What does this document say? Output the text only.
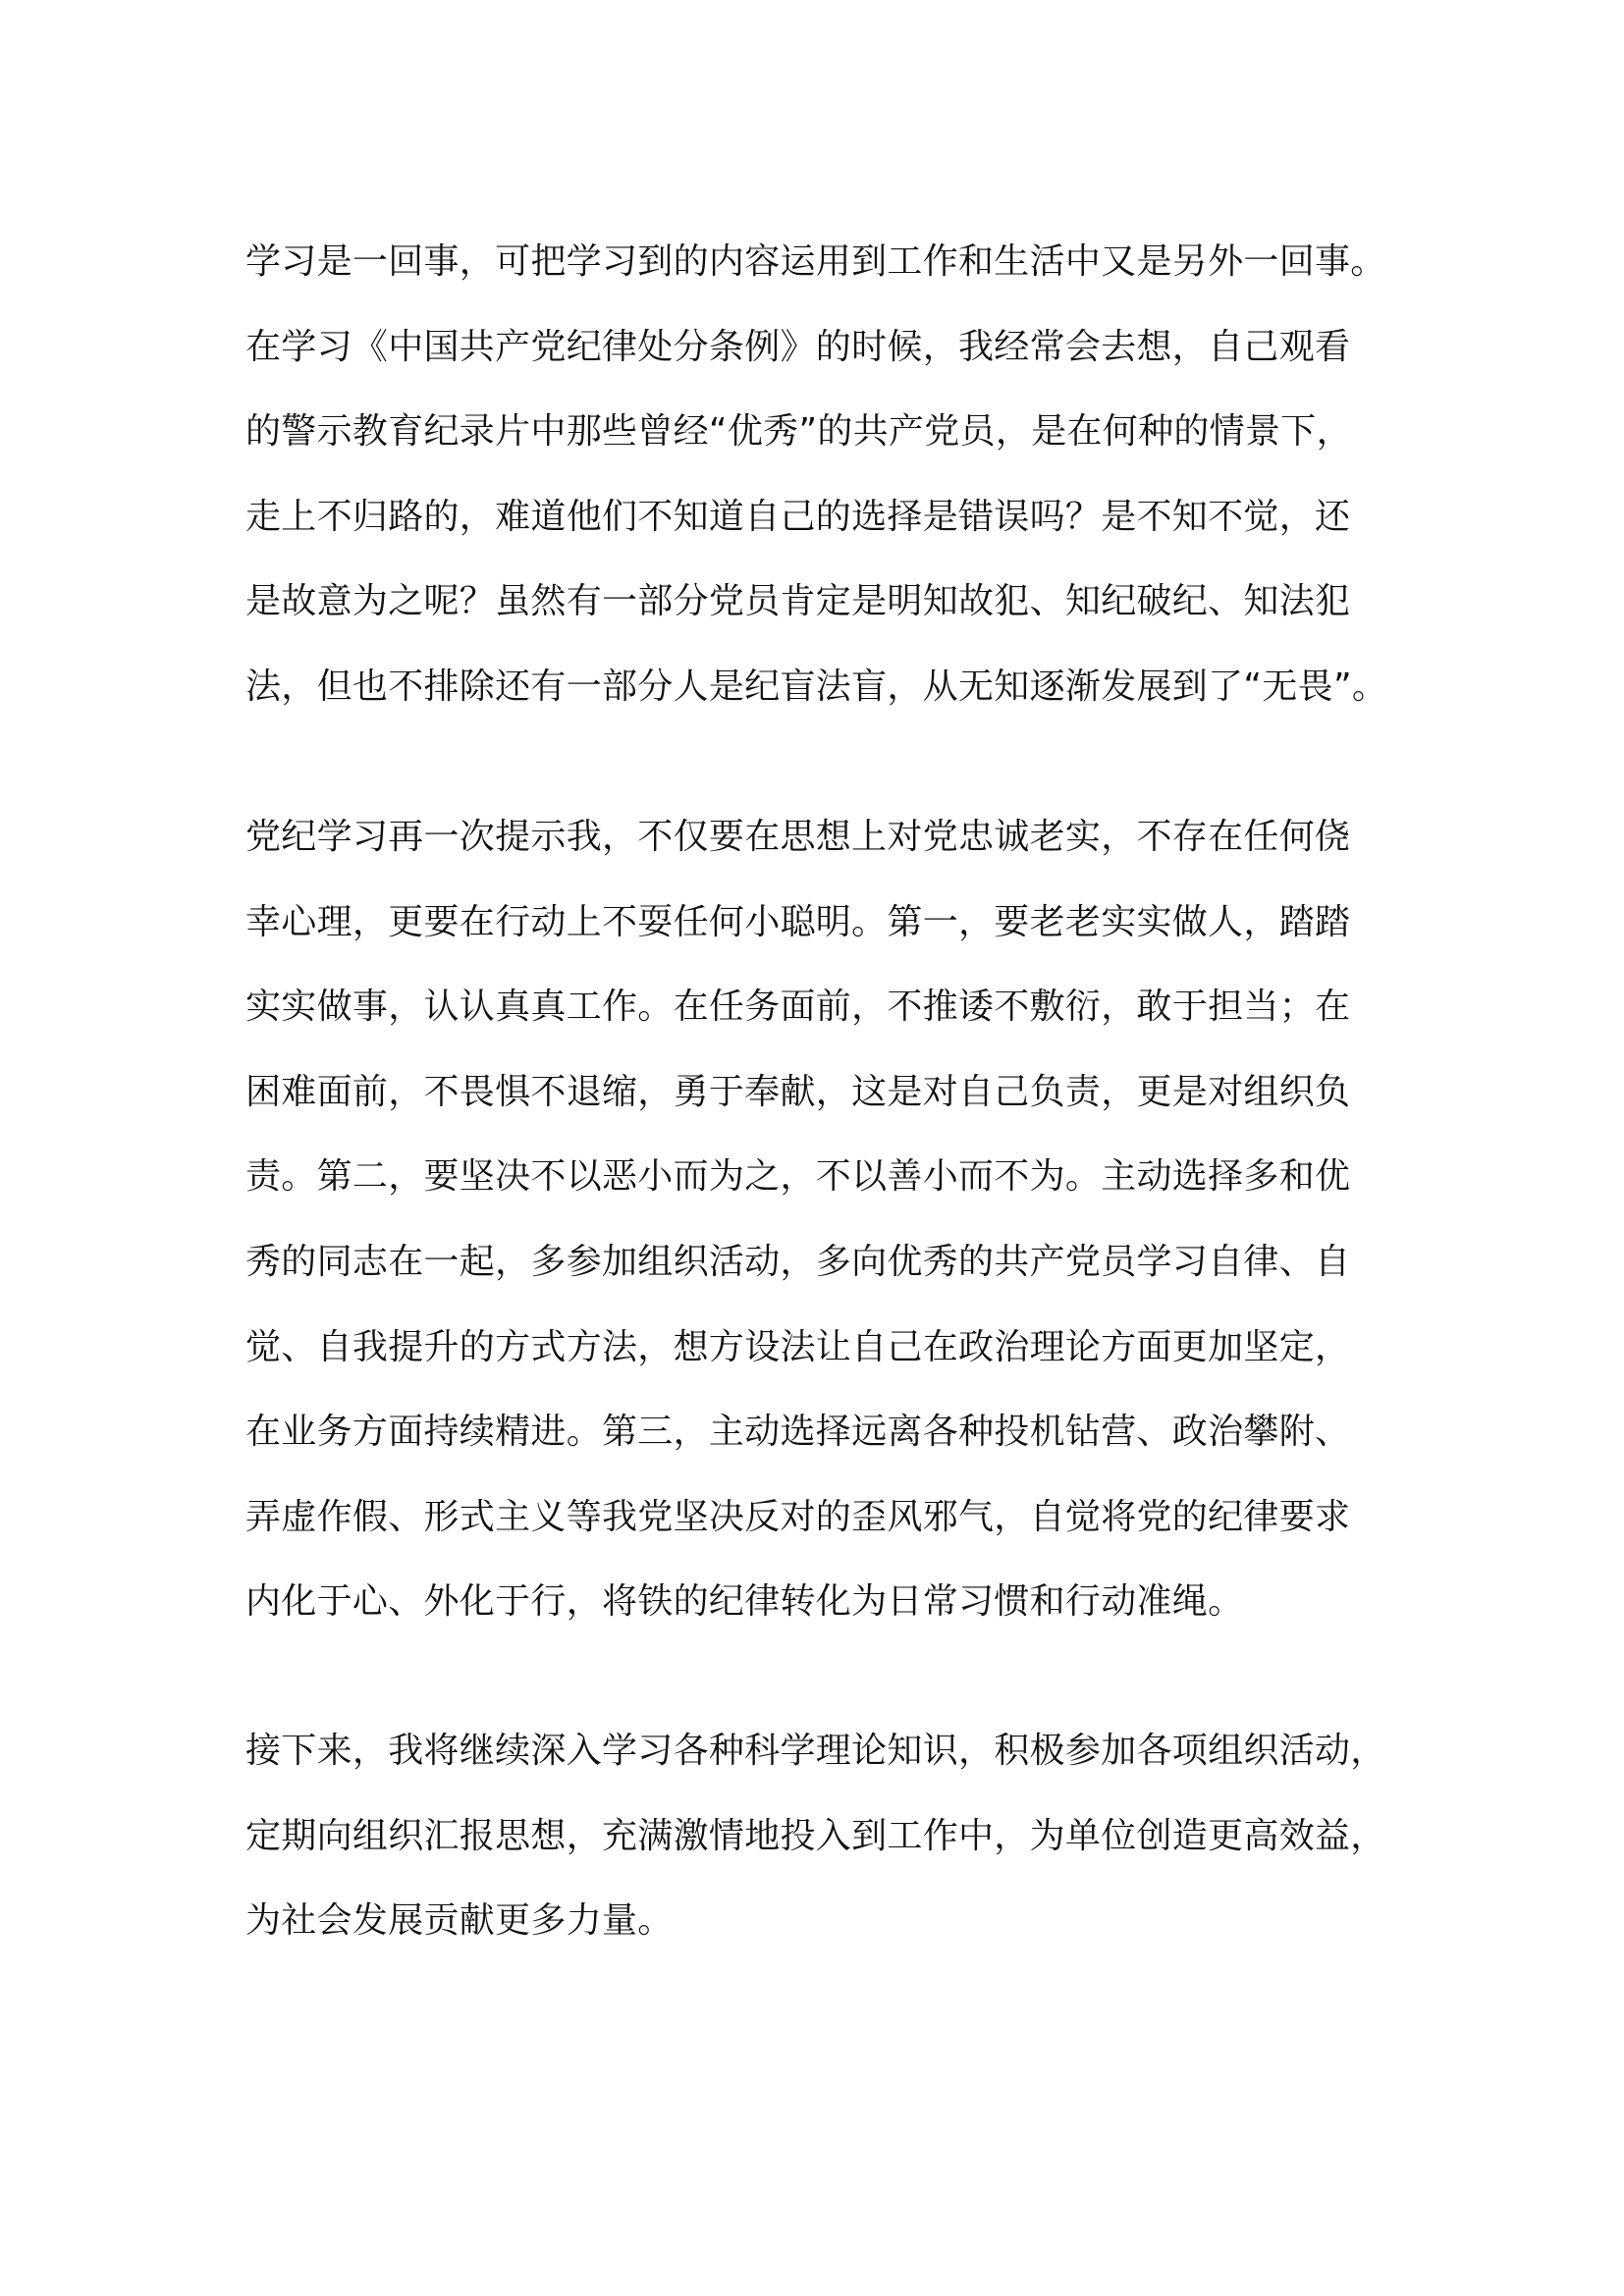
学习是一回事，可把学习到的内容运用到工作和生活中又是另外一回事。
在学习《中国共产党纪律处分条例》的时候，我经常会去想，自己观看
的警示教育纪录片中那些曾经“优秀”的共产党员，是在何种的情景下，
走上不归路的，难道他们不知道自己的选择是错误吗？是不知不觉，还
是故意为之呢？虽然有一部分党员肯定是明知故犯、知纪破纪、知法犯
法，但也不排除还有一部分人是纪盲法盲，从无知逐渐发展到了“无畏”。
党纪学习再一次提示我，不仅要在思想上对党忠诚老实，不存在任何侥
幸心理，更要在行动上不耍任何小聪明。第一，要老老实实做人，踏踏
实实做事，认认真真工作。在任务面前，不推诿不敷衍，敢于担当；在
困难面前，不畏惧不退缩，勇于奉献，这是对自己负责，更是对组织负
责。第二，要坚决不以恶小而为之，不以善小而不为。主动选择多和优
秀的同志在一起，多参加组织活动，多向优秀的共产党员学习自律、自
觉、自我提升的方式方法，想方设法让自己在政治理论方面更加坚定，
在业务方面持续精进。第三，主动选择远离各种投机钻营、政治攀附、
弄虚作假、形式主义等我党坚决反对的歪风邪气，自觉将党的纪律要求
内化于心、外化于行，将铁的纪律转化为日常习惯和行动准绳。
接下来，我将继续深入学习各种科学理论知识，积极参加各项组织活动，
定期向组织汇报思想，充满激情地投入到工作中，为单位创造更高效益，
为社会发展贡献更多力量。
